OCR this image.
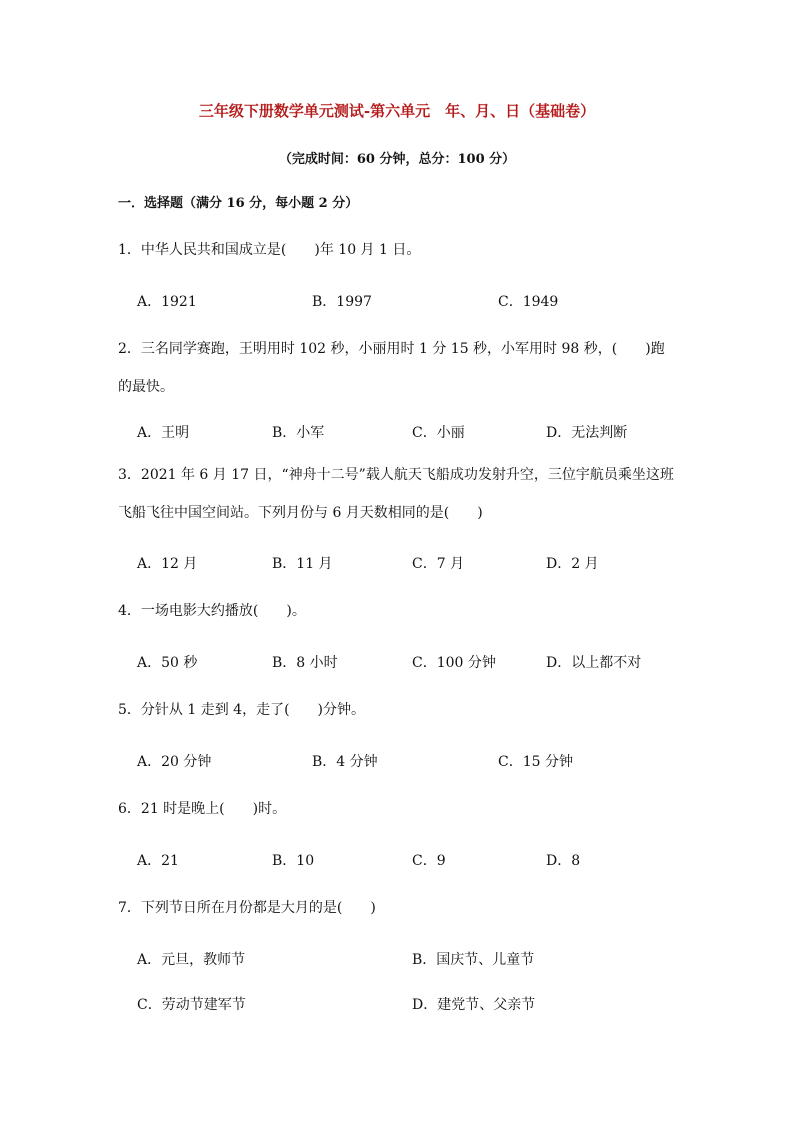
三年级下册数学单元测试-第六单元　年、月、日（基础卷）
（完成时间：60 分钟，总分：100 分）
一．选择题（满分 16 分，每小题 2 分）
1．中华人民共和国成立是(　　)年 10 月 1 日。
A．1921	B．1997	C．1949
2．三名同学赛跑，王明用时 102 秒，小丽用时 1 分 15 秒，小军用时 98 秒，(　　)跑的最快。
A．王明	B．小军	C．小丽	D．无法判断
3．2021 年 6 月 17 日，“神舟十二号”载人航天飞船成功发射升空，三位宇航员乘坐这班飞船飞往中国空间站。下列月份与 6 月天数相同的是(　　)
A．12 月	B．11 月	C．7 月	D．2 月
4．一场电影大约播放(　　)。
A．50 秒	B．8 小时	C．100 分钟	D．以上都不对
5．分针从 1 走到 4，走了(　　)分钟。
A．20 分钟	B．4 分钟	C．15 分钟
6．21 时是晚上(　　)时。
A．21	B．10	C．9	D．8
7．下列节日所在月份都是大月的是(　　)
A．元旦，教师节	B．国庆节、儿童节
C．劳动节建军节	D．建党节、父亲节
